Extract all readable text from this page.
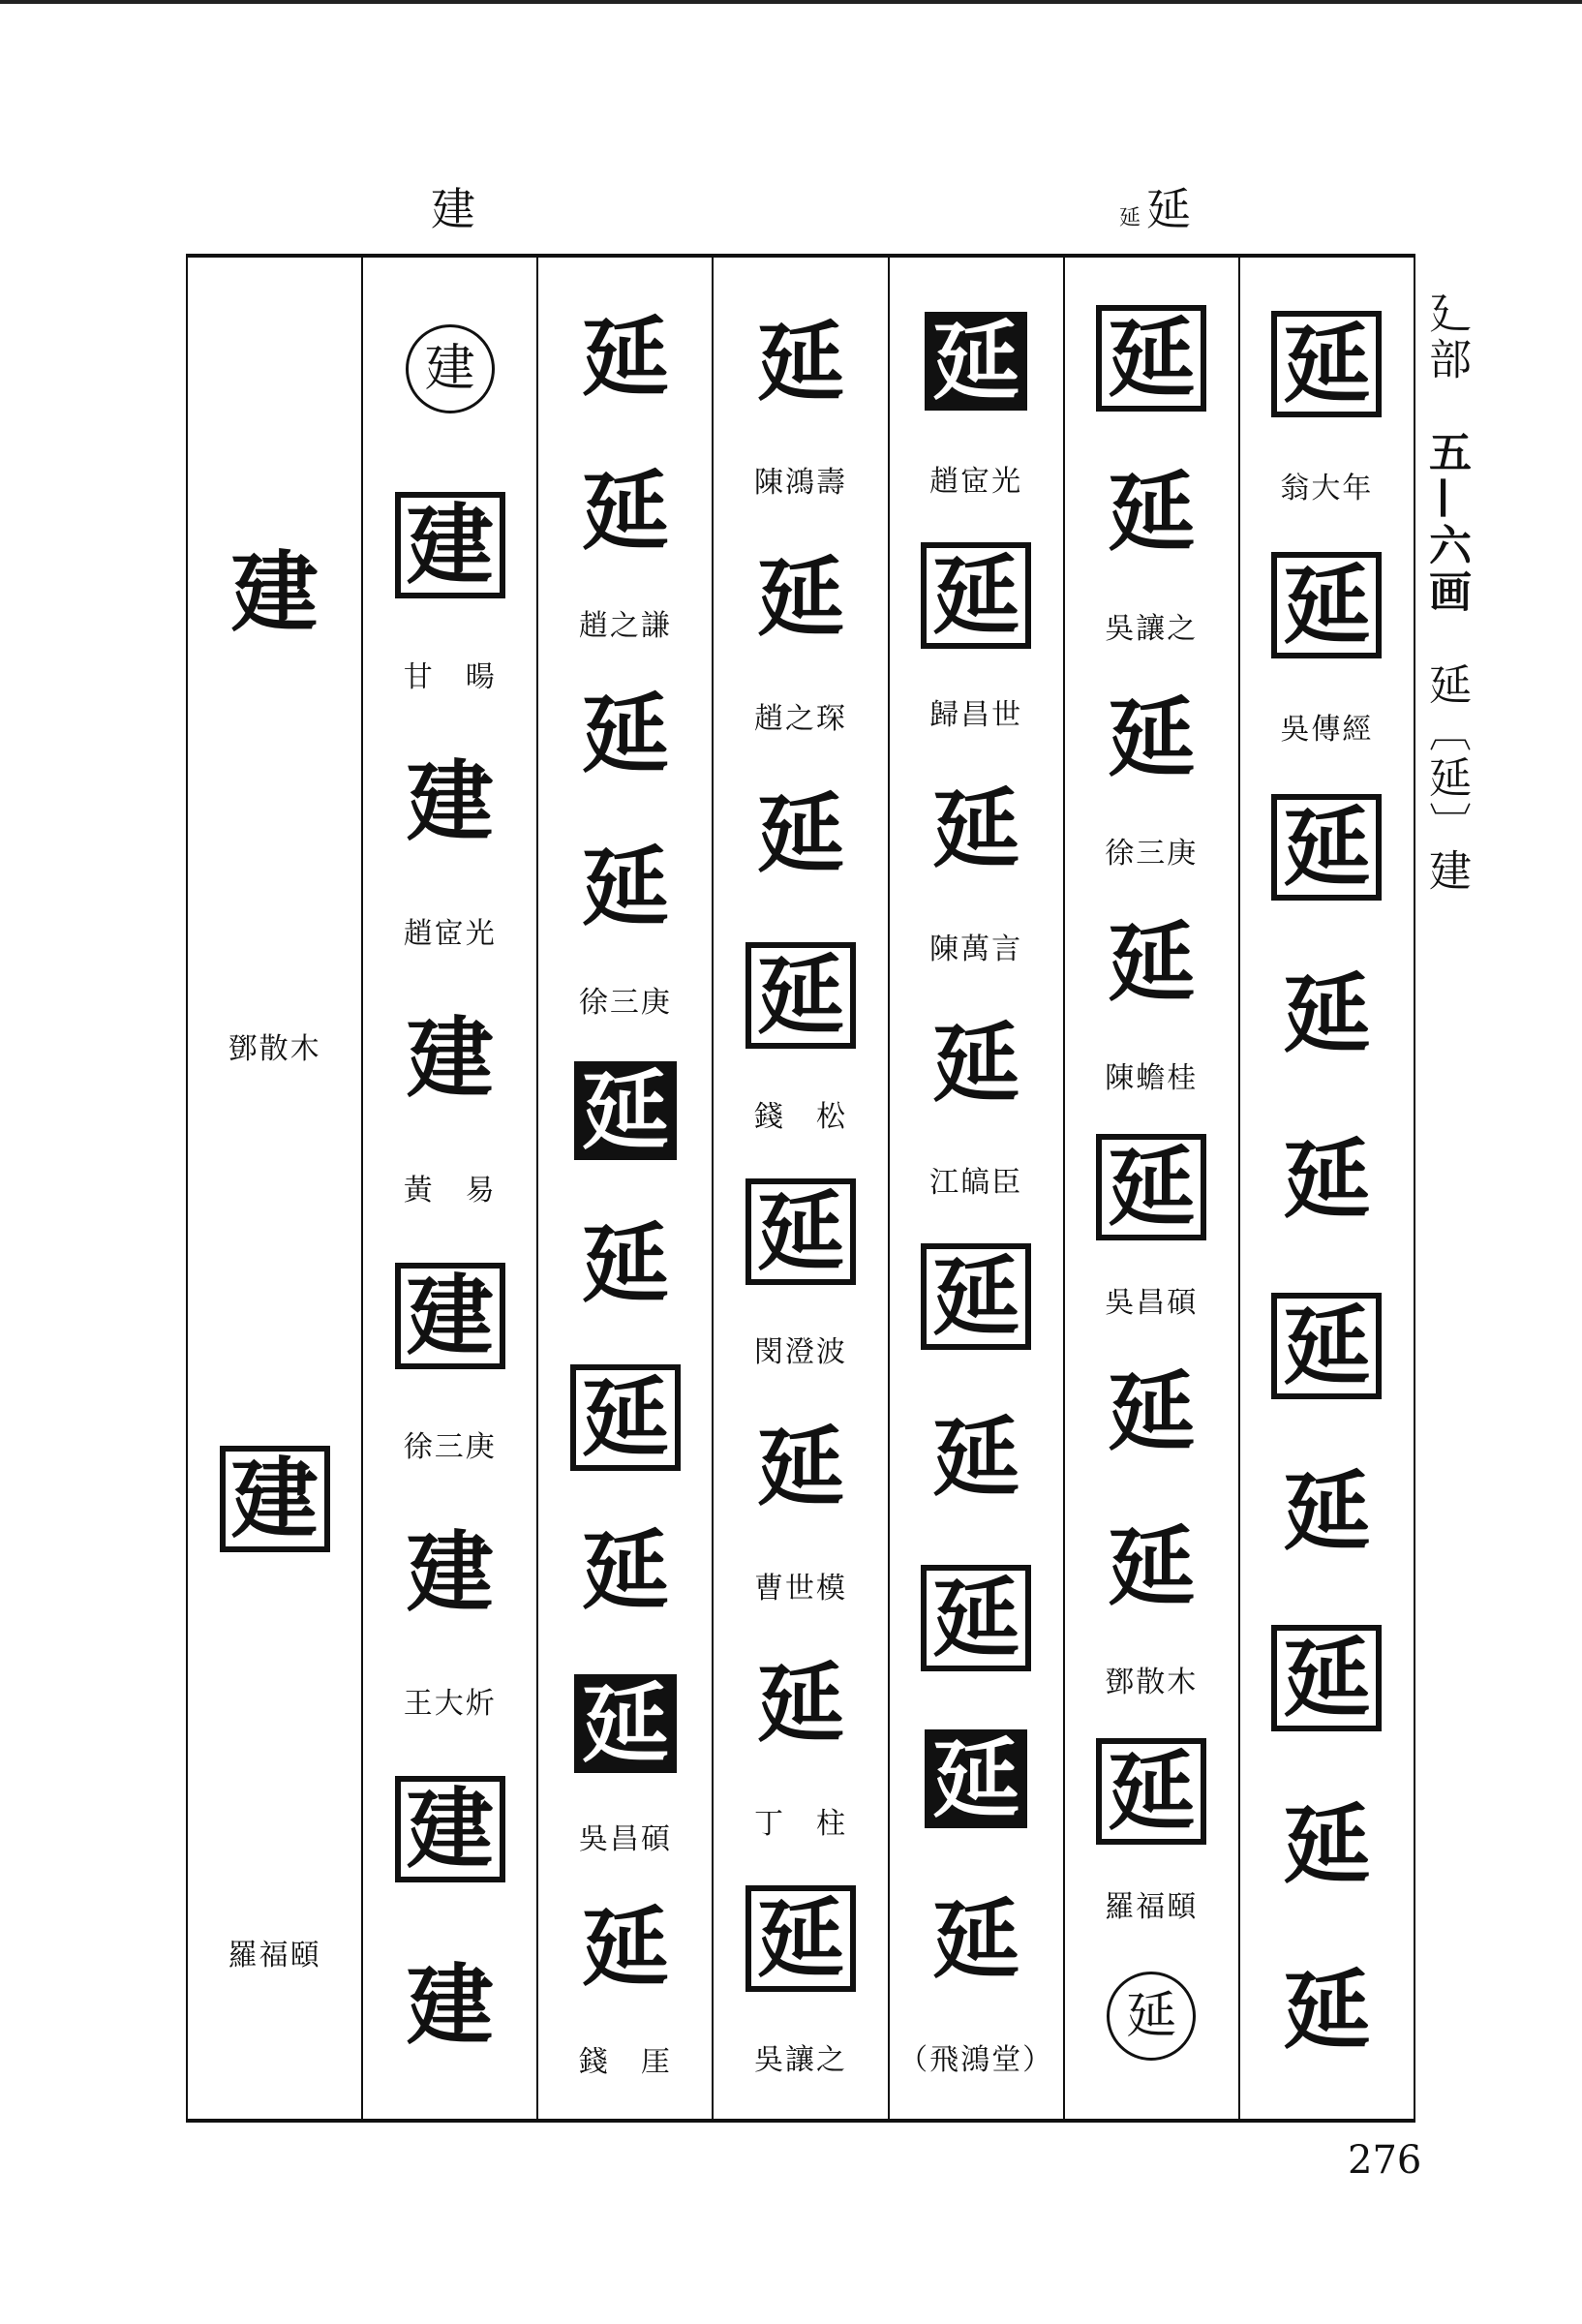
建	延延
延
翁大年
延
吳傳經
延
延
延
延
延
延
延
延
延
延
吳讓之
延
徐三庚
延
陳蟾桂
延
吳昌碩
延
延
鄧散木
延
羅福頤
延
延
趙宧光
延
歸昌世
延
陳萬言
延
江皜臣
延
延
延
延
延
（飛鴻堂）
延
陳鴻壽
延
趙之琛
延
延
錢　松
延
閔澄波
延
曹世模
延
丁　柱
延
吳讓之
延
延
趙之謙
延
延
徐三庚
延
延
延
延
延
吳昌碩
延
錢　厓
建
建
甘　暘
建
趙宧光
建
黃　易
建
徐三庚
建
王大炘
建
建
建
鄧散木
建
羅福頤
廴部 五—六画 延〔延〕建
276
